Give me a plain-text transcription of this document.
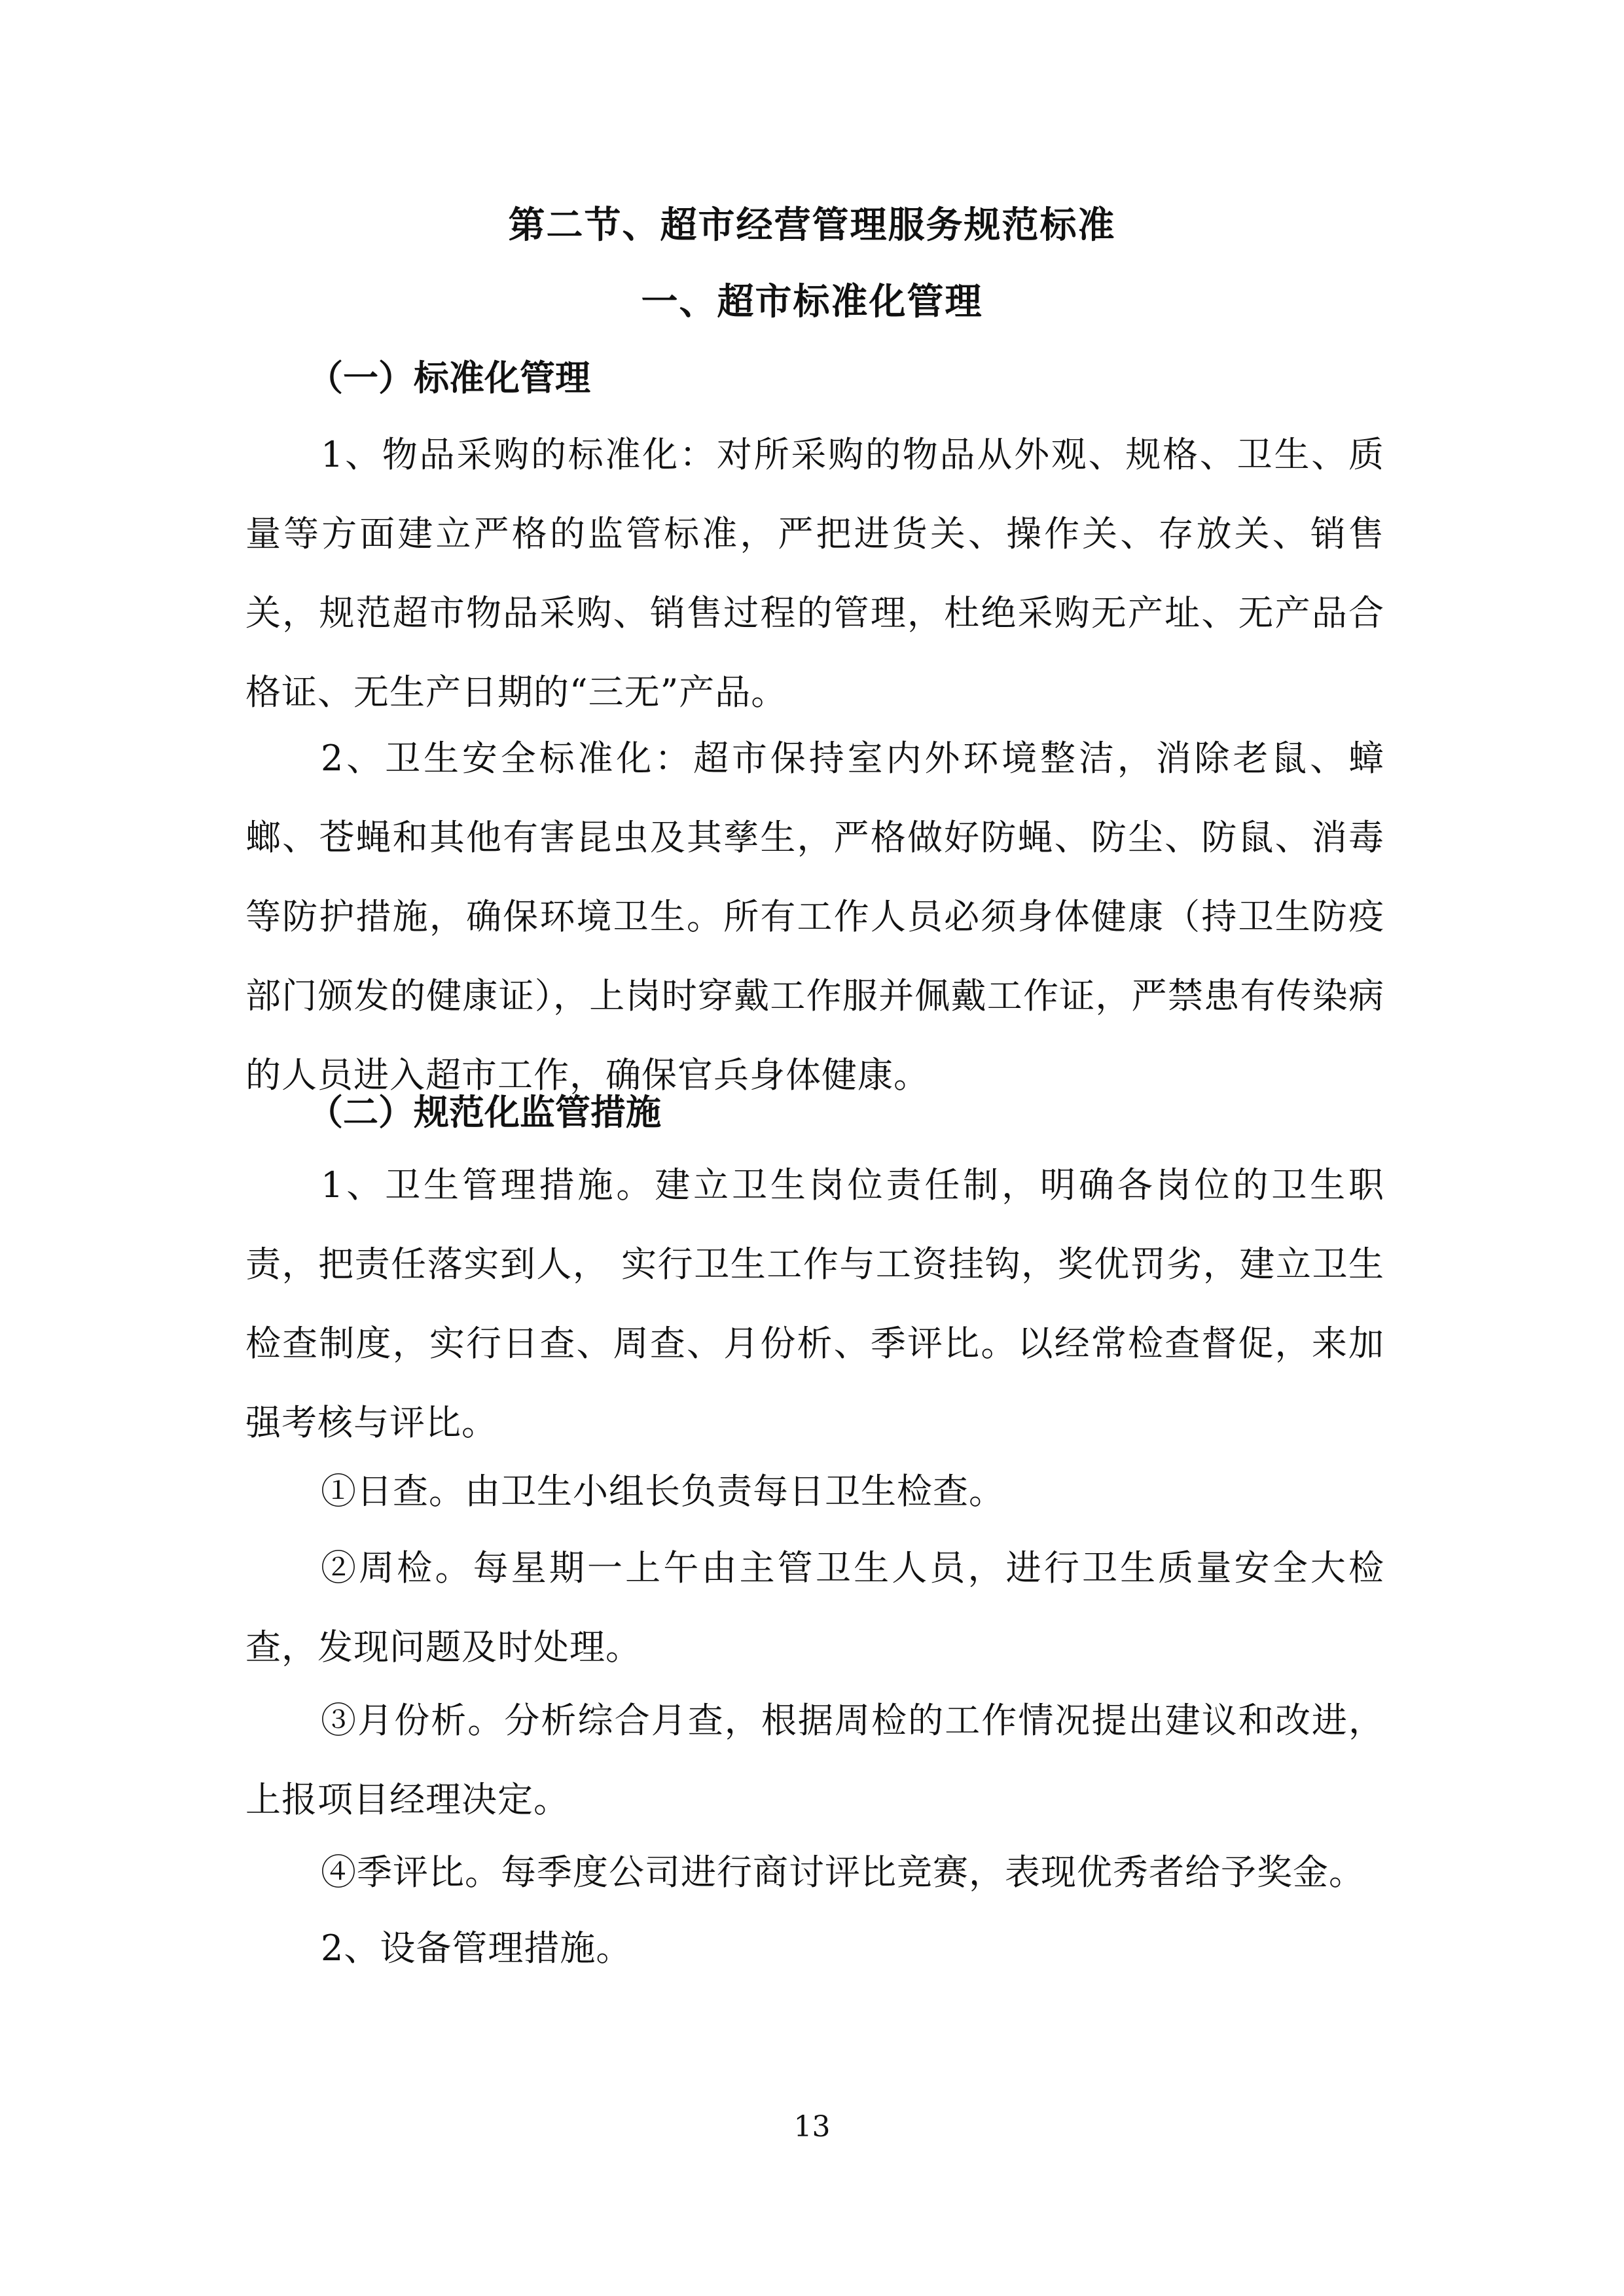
第二节、超市经营管理服务规范标准
一、超市标准化管理
（一）标准化管理
1、物品采购的标准化：对所采购的物品从外观、规格、卫生、质量等方面建立严格的监管标准，严把进货关、操作关、存放关、销售关，规范超市物品采购、销售过程的管理，杜绝采购无产址、无产品合格证、无生产日期的“三无”产品。
2、卫生安全标准化：超市保持室内外环境整洁，消除老鼠、蟑螂、苍蝇和其他有害昆虫及其孳生，严格做好防蝇、防尘、防鼠、消毒等防护措施，确保环境卫生。所有工作人员必须身体健康（持卫生防疫部门颁发的健康证），上岗时穿戴工作服并佩戴工作证，严禁患有传染病的人员进入超市工作，确保官兵身体健康。
（二）规范化监管措施
1、卫生管理措施。建立卫生岗位责任制，明确各岗位的卫生职责，把责任落实到人， 实行卫生工作与工资挂钩，奖优罚劣，建立卫生检查制度，实行日查、周查、月份析、季评比。以经常检查督促，来加强考核与评比。
①日查。由卫生小组长负责每日卫生检查。
②周检。每星期一上午由主管卫生人员，进行卫生质量安全大检查，发现问题及时处理。
③月份析。分析综合月查，根据周检的工作情况提出建议和改进，上报项目经理决定。
④季评比。每季度公司进行商讨评比竞赛，表现优秀者给予奖金。
2、设备管理措施。
13
